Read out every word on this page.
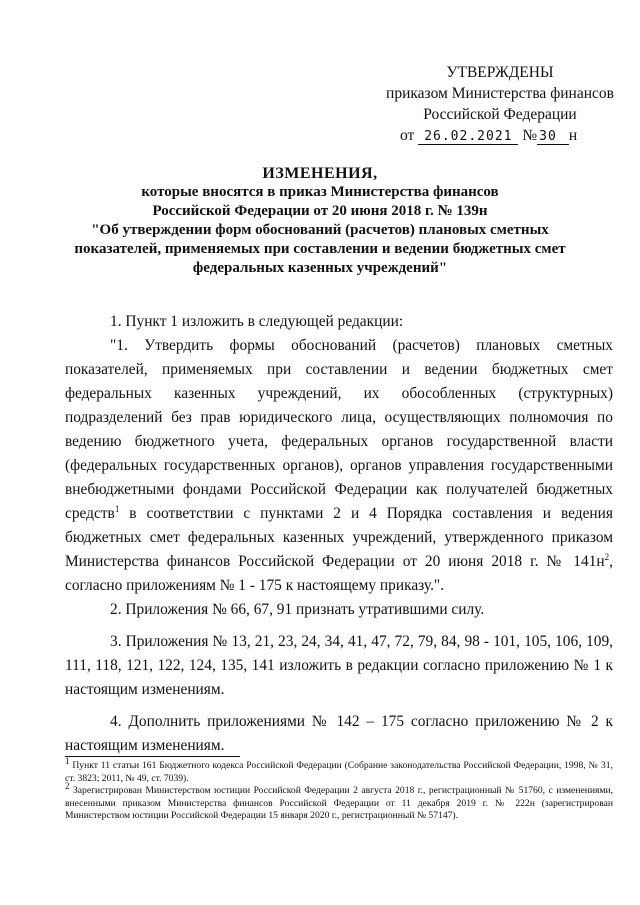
УТВЕРЖДЕНЫ
приказом Министерства финансов
Российской Федерации
от 26.02.2021 № 30 н
ИЗМЕНЕНИЯ,
которые вносятся в приказ Министерства финансов
Российской Федерации от 20 июня 2018 г. № 139н
"Об утверждении форм обоснований (расчетов) плановых сметных
показателей, применяемых при составлении и ведении бюджетных смет
федеральных казенных учреждений"

1. Пункт 1 изложить в следующей редакции:

"1. Утвердить формы обоснований (расчетов) плановых сметных показателей, применяемых при составлении и ведении бюджетных смет федеральных казенных учреждений, их обособленных (структурных) подразделений без прав юридического лица, осуществляющих полномочия по ведению бюджетного учета, федеральных органов государственной власти (федеральных государственных органов), органов управления государственными внебюджетными фондами Российской Федерации как получателей бюджетных средств$^1$ в соответствии с пунктами 2 и 4 Порядка составления и ведения бюджетных смет федеральных казенных учреждений, утвержденного приказом Министерства финансов Российской Федерации от 20 июня 2018 г. № $141н^2$, согласно приложениям № 1 - 175 к настоящему приказу.".

2. Приложения № 66, 67, 91 признать утратившими силу.

3. Приложения № 13, 21, 23, 24, 34, 41, 47, 72, 79, 84, 98 - 101, 105, 106, 109, 111, 118, 121, 122, 124, 135, 141 изложить в редакции согласно приложению № 1 к настоящим изменениям.

4. Дополнить приложениями № 142 – 175 согласно приложению № 2 к настоящим изменениям.

$^1$ Пункт 11 статьи 161 Бюджетного кодекса Российской Федерации (Собрание законодательства Российской Федерации, 1998, № 31, ст. 3823; 2011, № 49, ст. 7039).

$^2$ Зарегистрирован Министерством юстиции Российской Федерации 2 августа 2018 г., регистрационный № 51760, с изменениями, внесенными приказом Министерства финансов Российской Федерации от 11 декабря 2019 г. № 222н (зарегистрирован Министерством юстиции Российской Федерации 15 января 2020 г., регистрационный № 57147).
